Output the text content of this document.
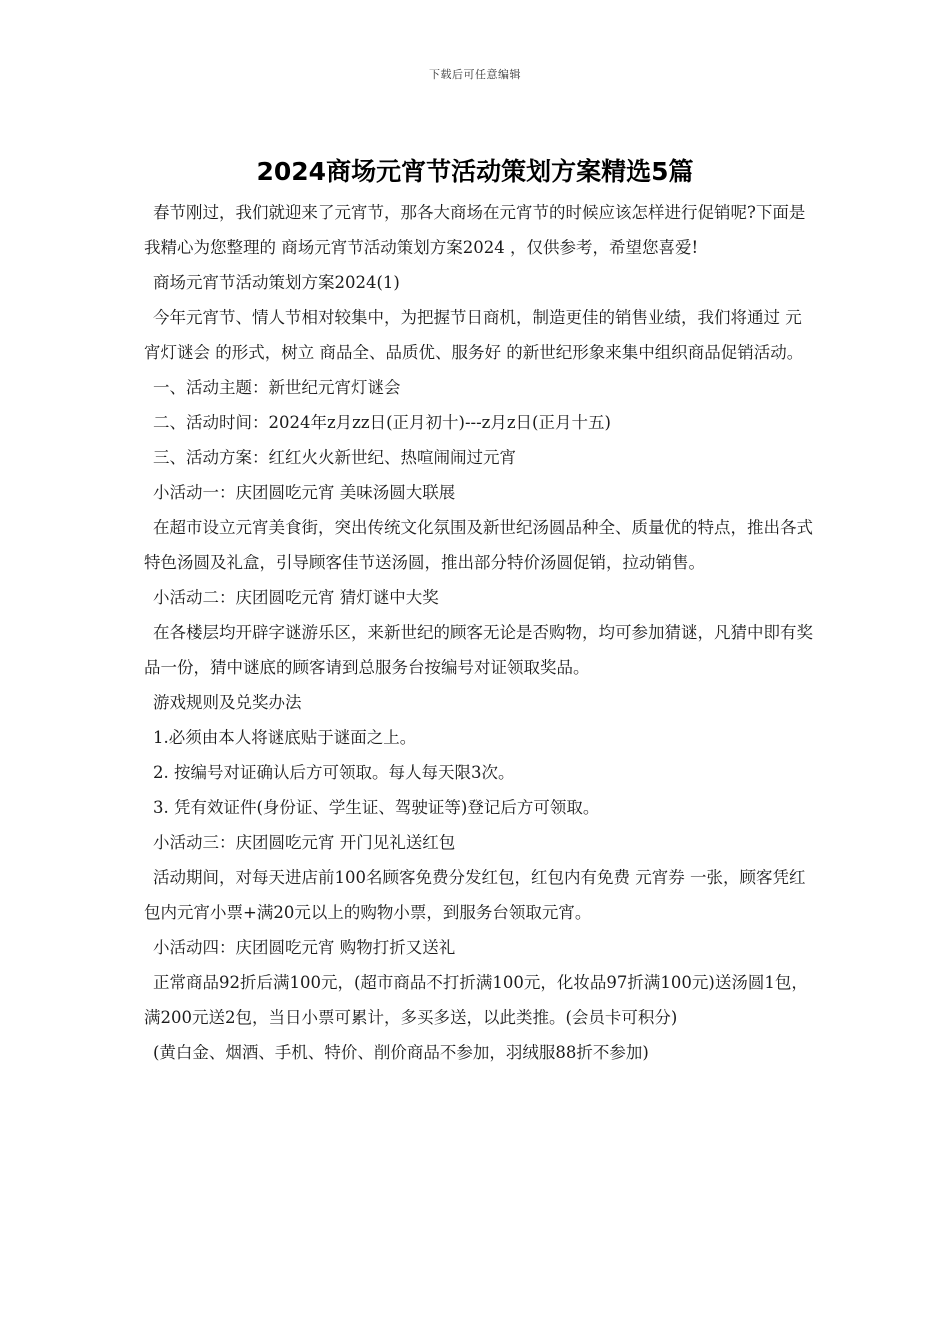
下载后可任意编辑
2024商场元宵节活动策划方案精选5篇

春节刚过，我们就迎来了元宵节，那各大商场在元宵节的时候应该怎样进行促销呢?下面是我精心为您整理的 商场元宵节活动策划方案2024 ，仅供参考，希望您喜爱!

商场元宵节活动策划方案2024(1)

今年元宵节、情人节相对较集中，为把握节日商机，制造更佳的销售业绩，我们将通过 元宵灯谜会 的形式，树立 商品全、品质优、服务好 的新世纪形象来集中组织商品促销活动。

一、活动主题：新世纪元宵灯谜会

二、活动时间：2024年z月zz日(正月初十)---z月z日(正月十五)

三、活动方案：红红火火新世纪、热喧闹闹过元宵

小活动一：庆团圆吃元宵 美味汤圆大联展

在超市设立元宵美食街，突出传统文化氛围及新世纪汤圆品种全、质量优的特点，推出各式特色汤圆及礼盒，引导顾客佳节送汤圆，推出部分特价汤圆促销，拉动销售。

小活动二：庆团圆吃元宵 猜灯谜中大奖

在各楼层均开辟字谜游乐区，来新世纪的顾客无论是否购物，均可参加猜谜，凡猜中即有奖品一份，猜中谜底的顾客请到总服务台按编号对证领取奖品。

游戏规则及兑奖办法

1.必须由本人将谜底贴于谜面之上。

2. 按编号对证确认后方可领取。每人每天限3次。

3. 凭有效证件(身份证、学生证、驾驶证等)登记后方可领取。

小活动三：庆团圆吃元宵 开门见礼送红包

活动期间，对每天进店前100名顾客免费分发红包，红包内有免费 元宵券 一张，顾客凭红包内元宵小票+满20元以上的购物小票，到服务台领取元宵。

小活动四：庆团圆吃元宵 购物打折又送礼

正常商品92折后满100元，(超市商品不打折满100元，化妆品97折满100元)送汤圆1包，满200元送2包，当日小票可累计，多买多送，以此类推。(会员卡可积分)

(黄白金、烟酒、手机、特价、削价商品不参加，羽绒服88折不参加)
